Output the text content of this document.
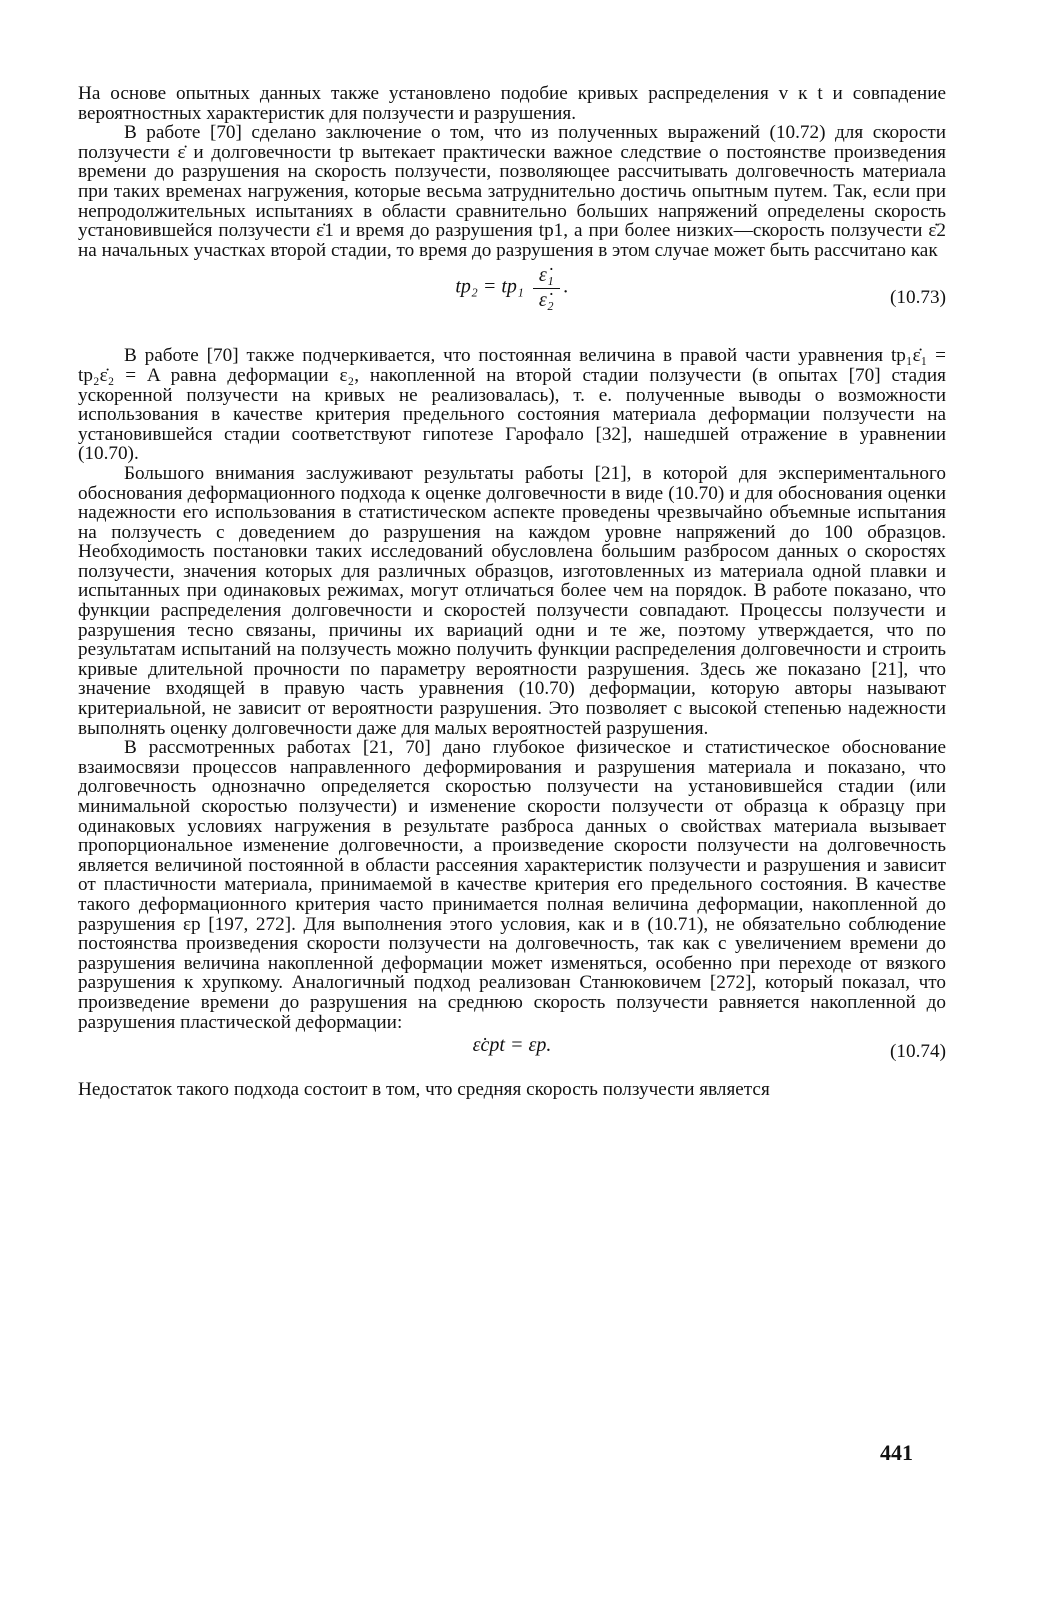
На основе опытных данных также установлено подобие кривых распределения v к t и совпадение вероятностных характеристик для ползучести и разрушения.

В работе [70] сделано заключение о том, что из полученных выражений (10.72) для скорости ползучести ε̇ и долговечности tp вытекает практически важное следствие о постоянстве произведения времени до разрушения на скорость ползучести, позволяющее рассчитывать долговечность материала при таких временах нагружения, которые весьма затруднительно достичь опытным путем. Так, если при непродолжительных испытаниях в области сравнительно больших напряжений определены скорость установившейся ползучести ε̇1 и время до разрушения tp1, а при более низких—скорость ползучести ε̇2 на начальных участках второй стадии, то время до разрушения в этом случае может быть рассчитано как

$tp_2 = tp_1 \frac{\text{ε̇₁}}{\text{ε̇₂}}$ .	(10.73)

В работе [70] также подчеркивается, что постоянная величина в правой части уравнения tp₁ε̇₁ = tp₂ε̇₂ = A равна деформации ε₂, накопленной на второй стадии ползучести (в опытах [70] стадия ускоренной ползучести на кривых не реализовалась), т. е. полученные выводы о возможности использования в качестве критерия предельного состояния материала деформации ползучести на установившейся стадии соответствуют гипотезе Гарофало [32], нашедшей отражение в уравнении (10.70).

Большого внимания заслуживают результаты работы [21], в которой для экспериментального обоснования деформационного подхода к оценке долговечности в виде (10.70) и для обоснования оценки надежности его использования в статистическом аспекте проведены чрезвычайно объемные испытания на ползучесть с доведением до разрушения на каждом уровне напряжений до 100 образцов. Необходимость постановки таких исследований обусловлена большим разбросом данных о скоростях ползучести, значения которых для различных образцов, изготовленных из материала одной плавки и испытанных при одинаковых режимах, могут отличаться более чем на порядок. В работе показано, что функции распределения долговечности и скоростей ползучести совпадают. Процессы ползучести и разрушения тесно связаны, причины их вариаций одни и те же, поэтому утверждается, что по результатам испытаний на ползучесть можно получить функции распределения долговечности и строить кривые длительной прочности по параметру вероятности разрушения. Здесь же показано [21], что значение входящей в правую часть уравнения (10.70) деформации, которую авторы называют критериальной, не зависит от вероятности разрушения. Это позволяет с высокой степенью надежности выполнять оценку долговечности даже для малых вероятностей разрушения.

В рассмотренных работах [21, 70] дано глубокое физическое и статистическое обоснование взаимосвязи процессов направленного деформирования и разрушения материала и показано, что долговечность однозначно определяется скоростью ползучести на установившейся стадии (или минимальной скоростью ползучести) и изменение скорости ползучести от образца к образцу при одинаковых условиях нагружения в результате разброса данных о свойствах материала вызывает пропорциональное изменение долговечности, а произведение скорости ползучести на долговечность является величиной постоянной в области рассеяния характеристик ползучести и разрушения и зависит от пластичности материала, принимаемой в качестве критерия его предельного состояния. В качестве такого деформационного критерия часто принимается полная величина деформации, накопленной до разрушения εp [197, 272]. Для выполнения этого условия, как и в (10.71), не обязательно соблюдение постоянства произведения скорости ползучести на долговечность, так как с увеличением времени до разрушения величина накопленной деформации может изменяться, особенно при переходе от вязкого разрушения к хрупкому. Аналогичный подход реализован Станюковичем [272], который показал, что произведение времени до разрушения на среднюю скорость ползучести равняется накопленной до разрушения пластической деформации:

ε̇срt = εp.	(10.74)

Недостаток такого подхода состоит в том, что средняя скорость ползучести является

441
